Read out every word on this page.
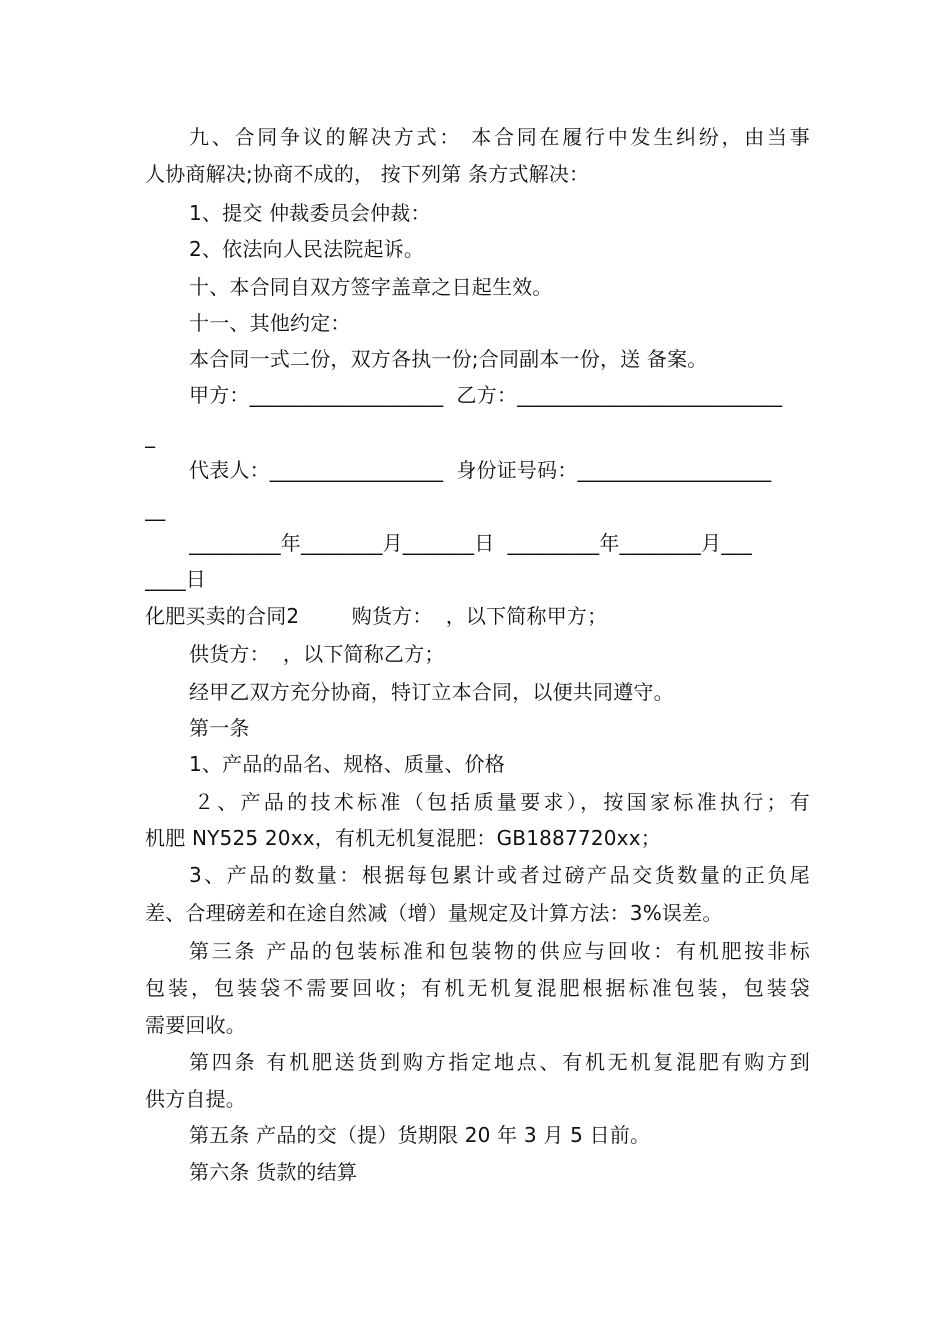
九、合同争议的解决方式： 本合同在履行中发生纠纷，由当事
人协商解决;协商不成的， 按下列第 条方式解决：
1、提交 仲裁委员会仲裁：
2、依法向人民法院起诉。
十、本合同自双方签字盖章之日起生效。
十一、其他约定：
本合同一式二份，双方各执一份;合同副本一份，送 备案。
甲方：___________________  乙方：__________________________
_
代表人：_________________  身份证号码：___________________
__
_________年________月_______日  _________年________月___
____日
化肥买卖的合同2        购货方：  ，以下简称甲方；
供货方：  ，以下简称乙方；
经甲乙双方充分协商，特订立本合同，以便共同遵守。
第一条
1、产品的品名、规格、质量、价格
２、产品的技术标准（包括质量要求），按国家标准执行；有
机肥 NY525 20xx，有机无机复混肥：GB1887720xx；
3、产品的数量：根据每包累计或者过磅产品交货数量的正负尾
差、合理磅差和在途自然减（增）量规定及计算方法：3%误差。
第三条 产品的包装标准和包装物的供应与回收：有机肥按非标
包装，包装袋不需要回收；有机无机复混肥根据标准包装，包装袋
需要回收。
第四条 有机肥送货到购方指定地点、有机无机复混肥有购方到
供方自提。
第五条 产品的交（提）货期限 20 年 3 月 5 日前。
第六条 货款的结算
